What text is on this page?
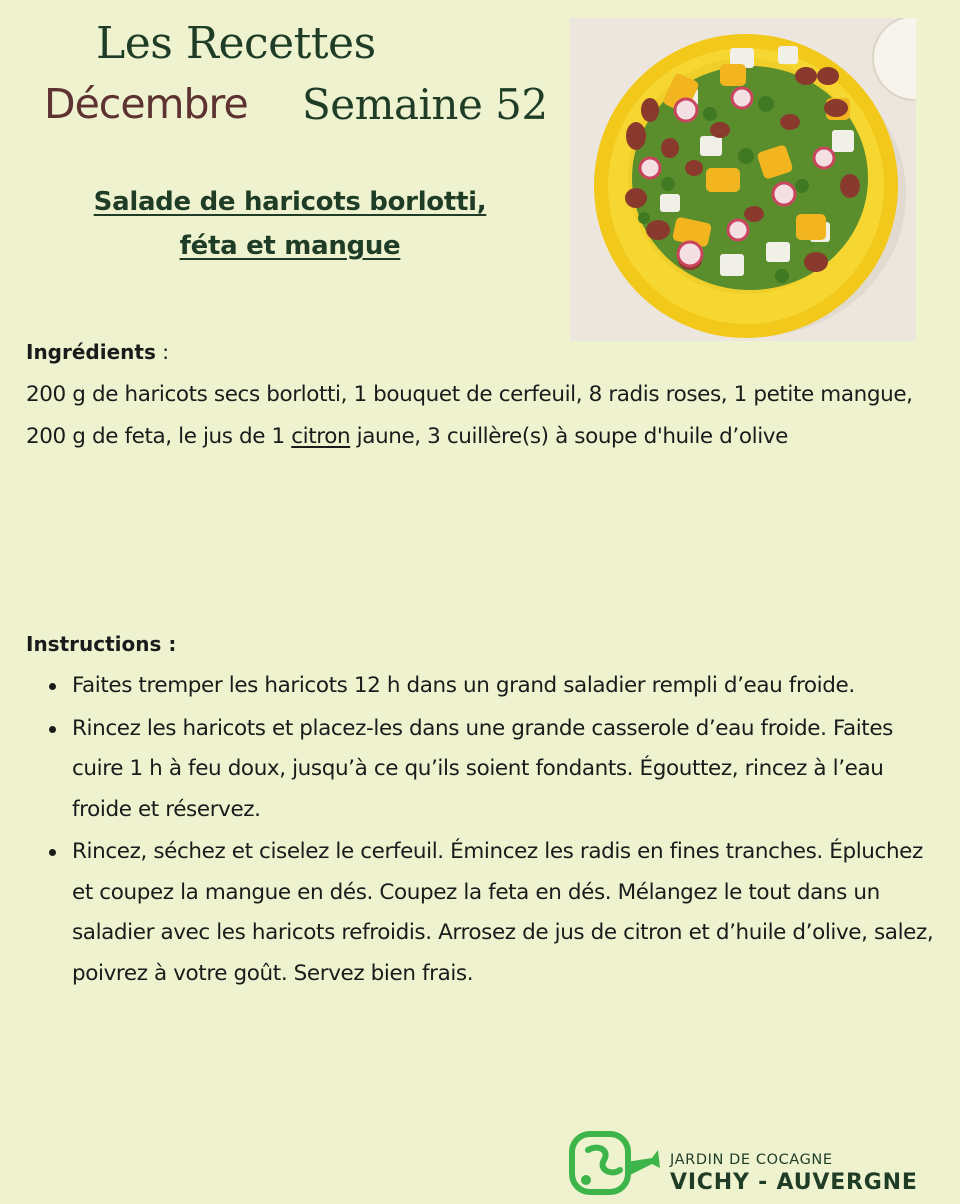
Les Recettes
Décembre Semaine 52
Salade de haricots borlotti,
féta et mangue
Ingrédients :

200 g de haricots secs borlotti, 1 bouquet de cerfeuil, 8 radis roses, 1 petite mangue, 200 g de feta, le jus de 1 citron jaune, 3 cuillère(s) à soupe d'huile d’olive

Instructions :
Faites tremper les haricots 12 h dans un grand saladier rempli d’eau froide.
Rincez les haricots et placez-les dans une grande casserole d’eau froide. Faites cuire 1 h à feu doux, jusqu’à ce qu’ils soient fondants. Égouttez, rincez à l’eau froide et réservez.
Rincez, séchez et ciselez le cerfeuil. Émincez les radis en fines tranches. Épluchez et coupez la mangue en dés. Coupez la feta en dés. Mélangez le tout dans un saladier avec les haricots refroidis. Arrosez de jus de citron et d’huile d’olive, salez, poivrez à votre goût. Servez bien frais.
JARDIN DE COCAGNE
VICHY - AUVERGNE
